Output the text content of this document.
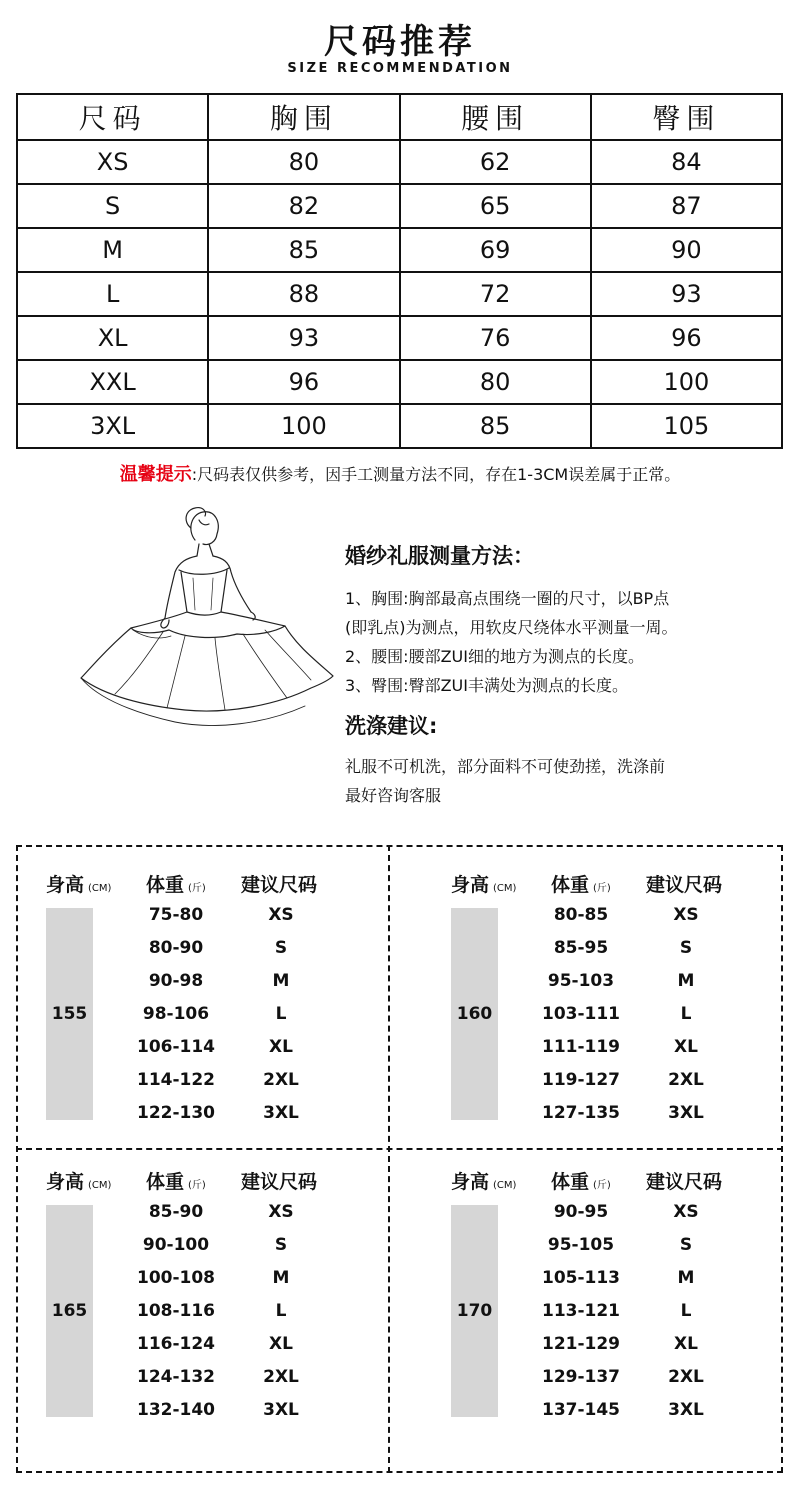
尺码推荐
SIZE RECOMMENDATION
尺码	胸围	腰围	臀围
XS	80	62	84
S	82	65	87
M	85	69	90
L	88	72	93
XL	93	76	96
XXL	96	80	100
3XL	100	85	105
温馨提示:尺码表仅供参考，因手工测量方法不同，存在1-3CM误差属于正常。
婚纱礼服测量方法：

1、胸围:胸部最高点围绕一圈的尺寸，以BP点

(即乳点)为测点，用软皮尺绕体水平测量一周。

2、腰围:腰部ZUI细的地方为测点的长度。

3、臀围:臀部ZUI丰满处为测点的长度。

洗涤建议:

礼服不可机洗，部分面料不可使劲搓，洗涤前

最好咨询客服

身高 (CM) 体重 (斤) 建议尺码
155
75-80	XS
80-90	S
90-98	M
98-106	L
106-114	XL
114-122	2XL
122-130	3XL
身高 (CM) 体重 (斤) 建议尺码
160
80-85	XS
85-95	S
95-103	M
103-111	L
111-119	XL
119-127	2XL
127-135	3XL
身高 (CM) 体重 (斤) 建议尺码
165
85-90	XS
90-100	S
100-108	M
108-116	L
116-124	XL
124-132	2XL
132-140	3XL
身高 (CM) 体重 (斤) 建议尺码
170
90-95	XS
95-105	S
105-113	M
113-121	L
121-129	XL
129-137	2XL
137-145	3XL
